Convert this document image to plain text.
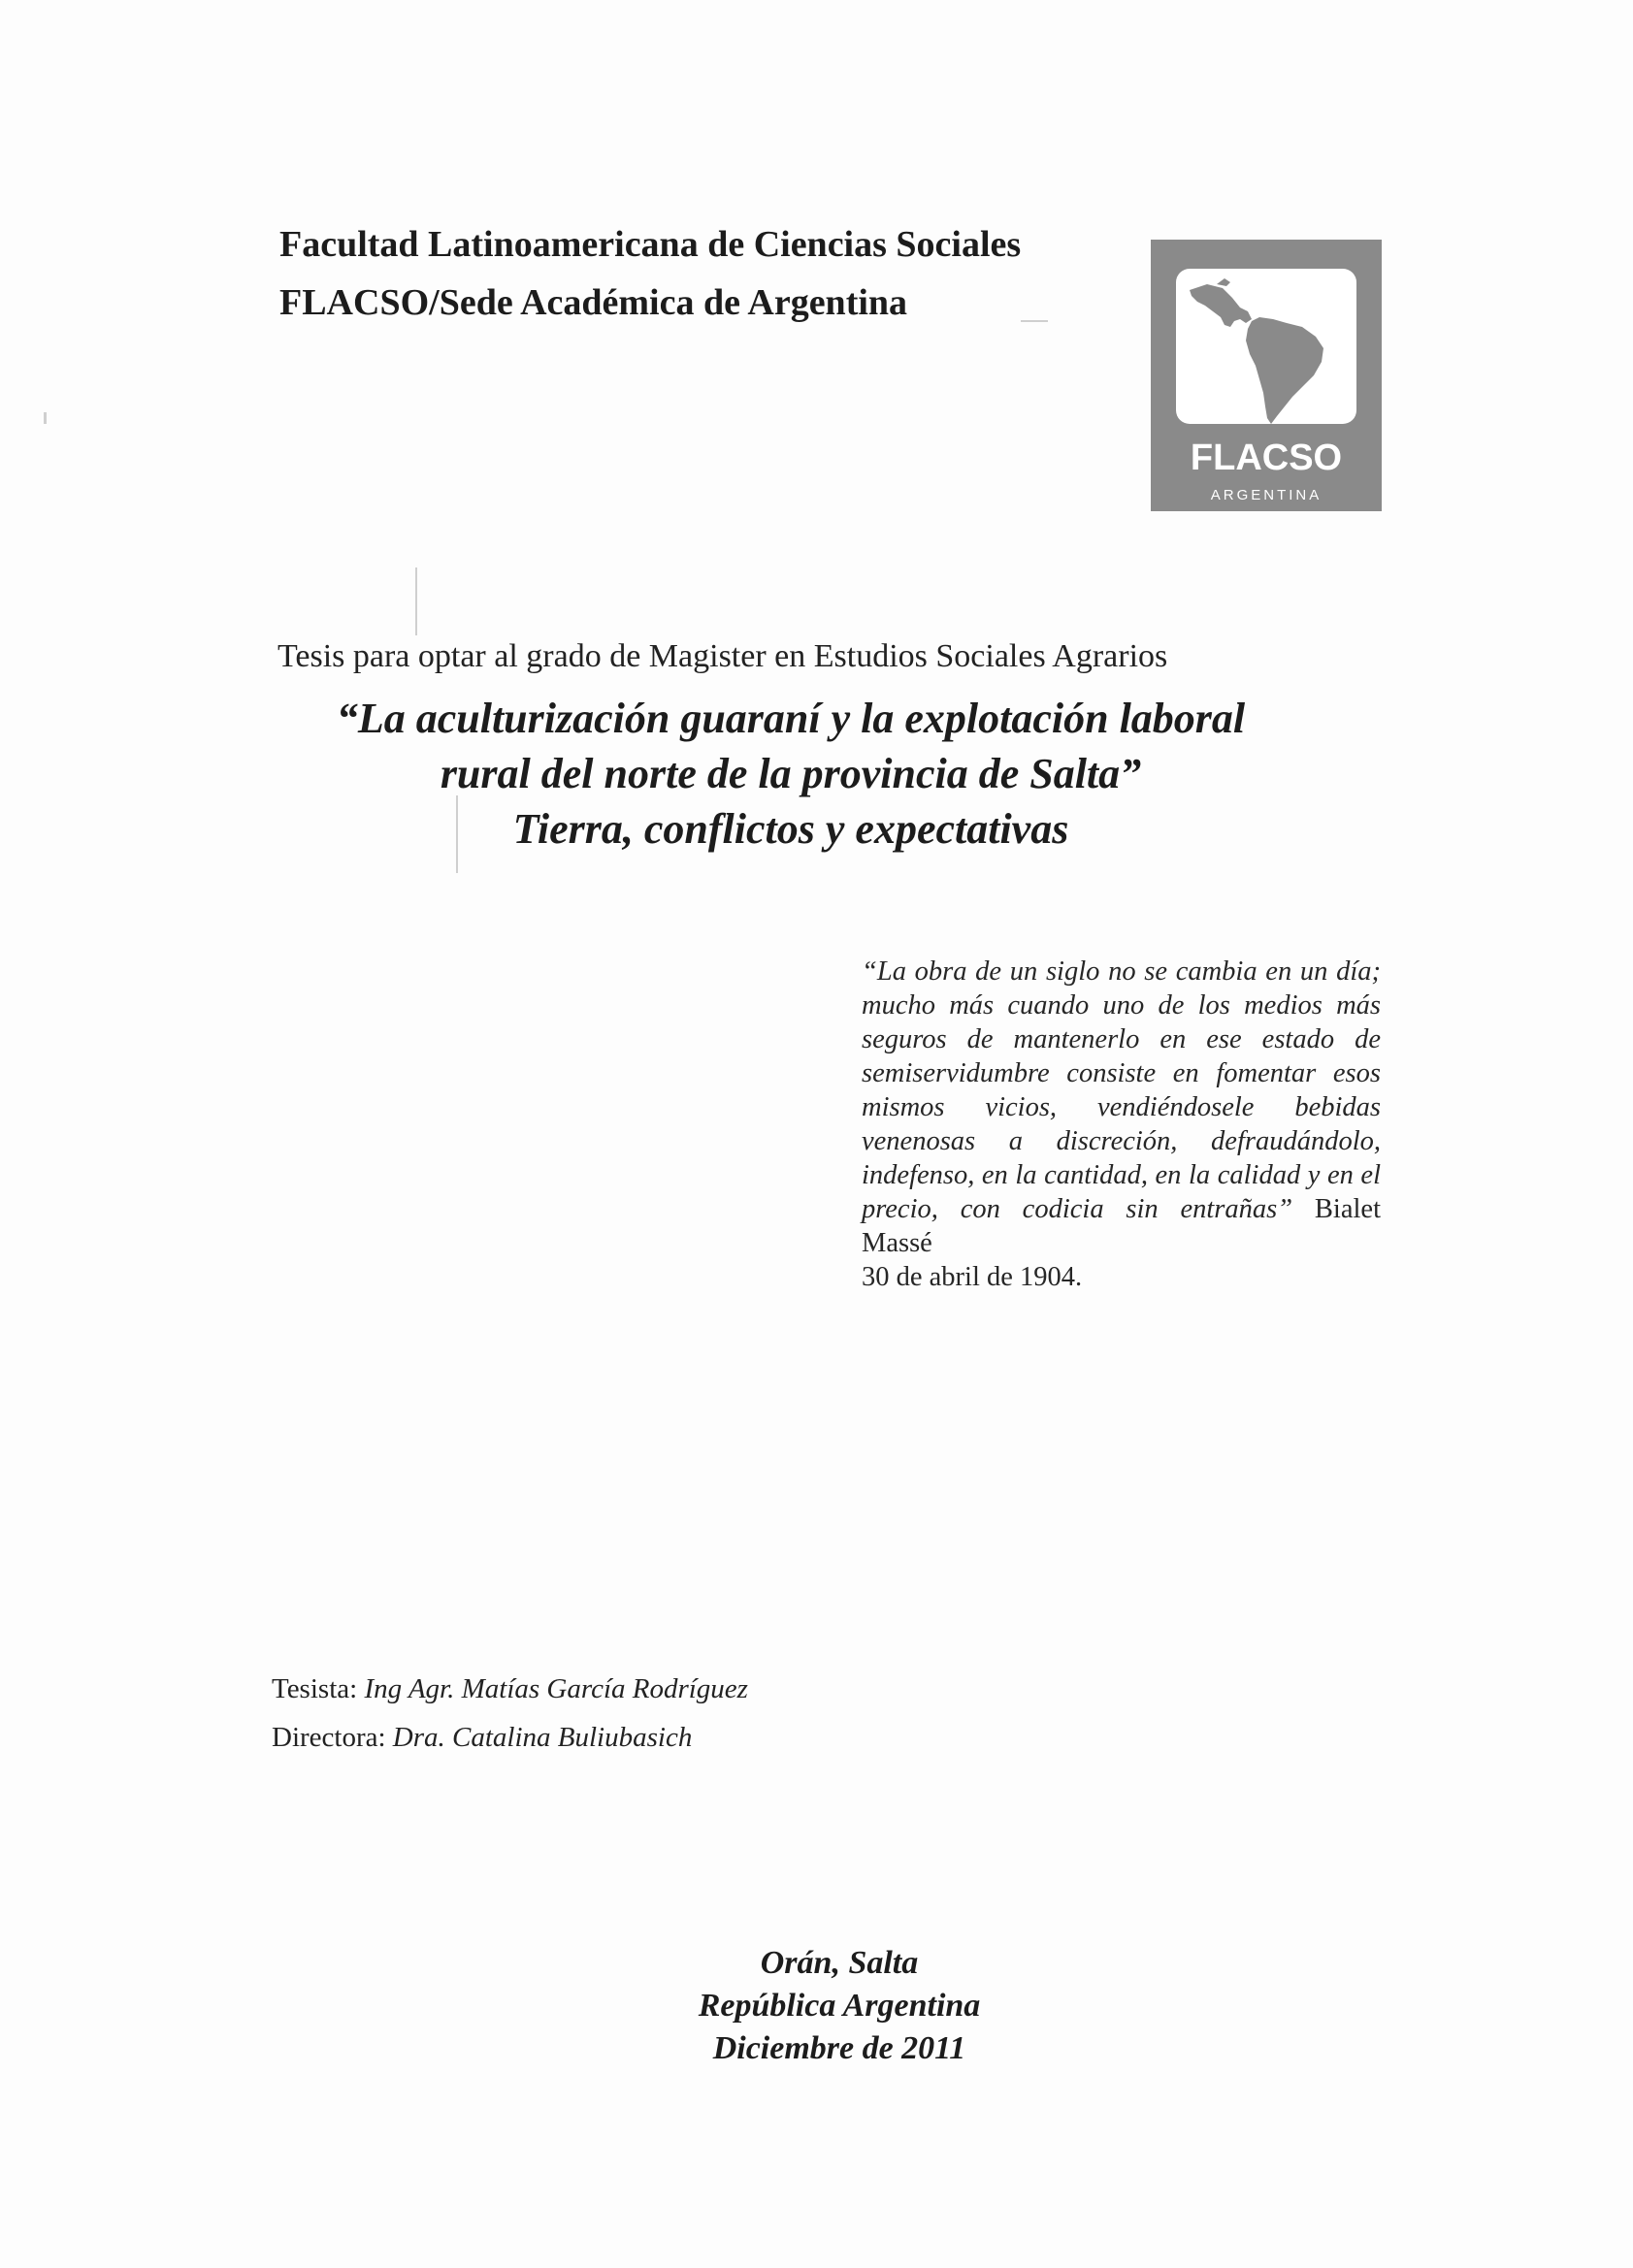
Facultad Latinoamericana de Ciencias Sociales
FLACSO/Sede Académica de Argentina
FLACSO
ARGENTINA
Tesis para optar al grado de Magister en Estudios Sociales Agrarios
“La aculturización guaraní y la explotación laboral
rural del norte de la provincia de Salta”
Tierra, conflictos y expectativas
“La obra de un siglo no se cambia en un día; mucho más cuando uno de los medios más seguros de mantenerlo en ese estado de semiservidumbre consiste en fomentar esos mismos vicios, vendiéndosele bebidas venenosas a discreción, defraudándolo, indefenso, en la cantidad, en la calidad y en el precio, con codicia sin entrañas” Bialet Massé
30 de abril de 1904.
Tesista: Ing Agr. Matías García Rodríguez
Directora: Dra. Catalina Buliubasich
Orán, Salta
República Argentina
Diciembre de 2011
